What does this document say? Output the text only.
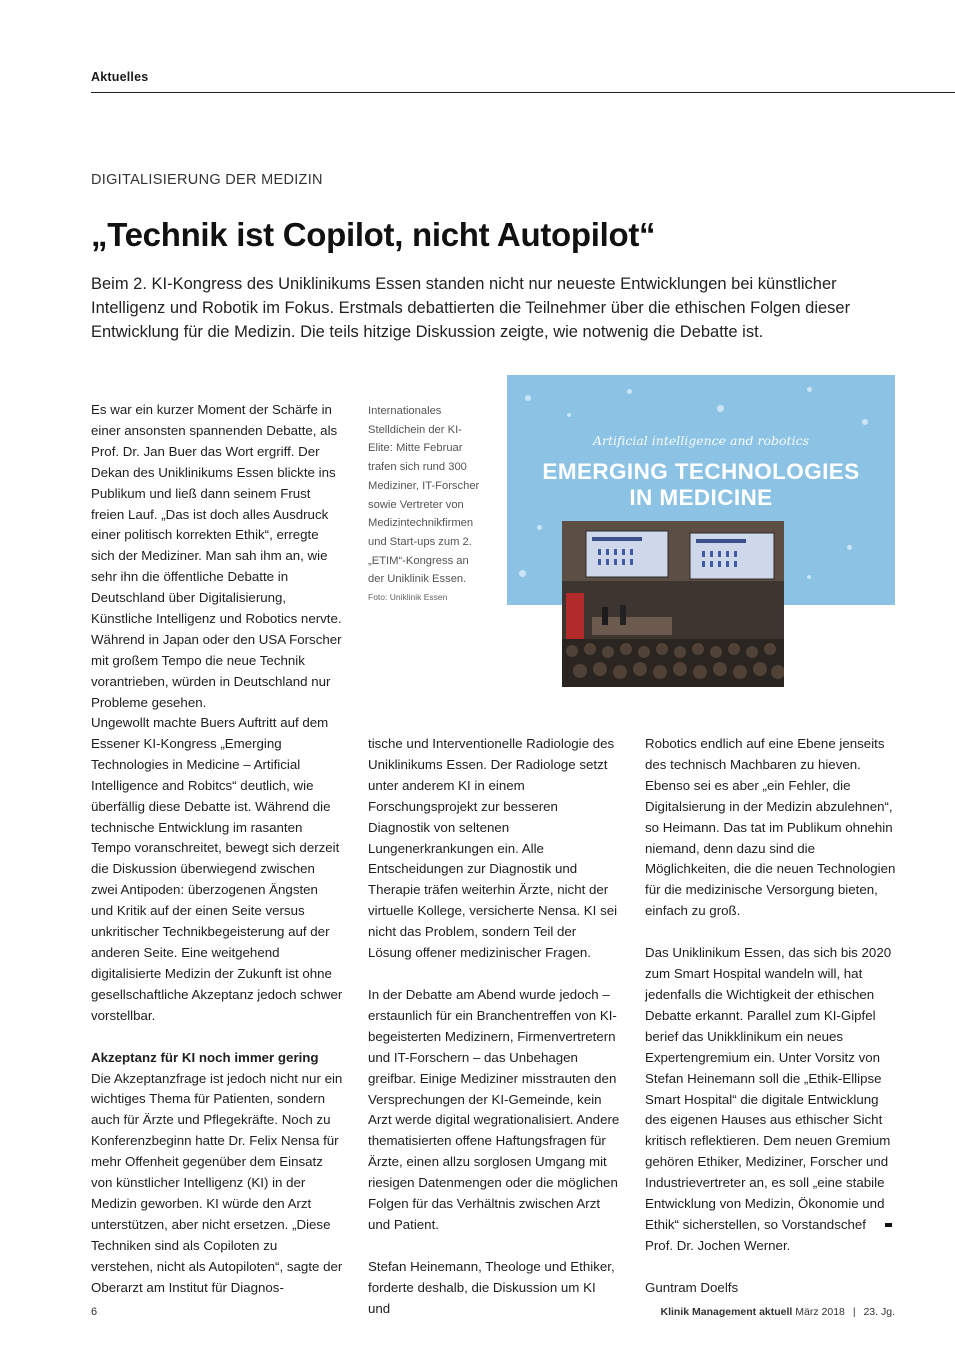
Aktuelles
DIGITALISIERUNG DER MEDIZIN
„Technik ist Copilot, nicht Autopilot“

Beim 2. KI-Kongress des Uniklinikums Essen standen nicht nur neueste Entwicklungen bei künstlicher Intelligenz und Robotik im Fokus. Erstmals debattierten die Teilnehmer über die ethischen Folgen dieser Entwicklung für die Medizin. Die teils hitzige Diskussion zeigte, wie notwenig die Debatte ist.

Es war ein kurzer Moment der Schärfe in einer ansonsten spannenden Debatte, als Prof. Dr. Jan Buer das Wort ergriff. Der Dekan des Uniklinikums Essen blickte ins Publikum und ließ dann seinem Frust freien Lauf. „Das ist doch alles Ausdruck einer politisch korrekten Ethik“, erregte sich der Mediziner. Man sah ihm an, wie sehr ihn die öffentliche Debatte in Deutschland über Digitalisierung, Künstliche Intelligenz und Robotics nervte. Während in Japan oder den USA Forscher mit großem Tempo die neue Technik vorantrieben, würden in Deutschland nur Probleme gesehen.

Internationales Stelldichein der KI-Elite: Mitte Februar trafen sich rund 300 Mediziner, IT-Forscher sowie Vertreter von Medizintechnikfirmen und Start-ups zum 2. „ETIM“-Kongress an der Uniklinik Essen.
Foto: Uniklinik Essen
Artificial intelligence and robotics
EMERGING TECHNOLOGIES
IN MEDICINE

Ungewollt machte Buers Auftritt auf dem Essener KI-Kongress „Emerging Technologies in Medicine – Artificial Intelligence and Robitcs“ deutlich, wie überfällig diese Debatte ist. Während die technische Entwicklung im rasanten Tempo voranschreitet, bewegt sich derzeit die Diskussion überwiegend zwischen zwei Antipoden: überzogenen Ängsten und Kritik auf der einen Seite versus unkritischer Technikbegeisterung auf der anderen Seite. Eine weitgehend digitalisierte Medizin der Zukunft ist ohne gesellschaftliche Akzeptanz jedoch schwer vorstellbar.

Akzeptanz für KI noch immer gering

Die Akzeptanzfrage ist jedoch nicht nur ein wichtiges Thema für Patienten, sondern auch für Ärzte und Pflegekräfte. Noch zu Konferenzbeginn hatte Dr. Felix Nensa für mehr Offenheit gegenüber dem Einsatz von künstlicher Intelligenz (KI) in der Medizin geworben. KI würde den Arzt unterstützen, aber nicht ersetzen. „Diese Techniken sind als Copiloten zu verstehen, nicht als Autopiloten“, sagte der Oberarzt am Institut für Diagnos-

tische und Interventionelle Radiologie des Uniklinikums Essen. Der Radiologe setzt unter anderem KI in einem Forschungsprojekt zur besseren Diagnostik von seltenen Lungenerkrankungen ein. Alle Entscheidungen zur Diagnostik und Therapie träfen weiterhin Ärzte, nicht der virtuelle Kollege, versicherte Nensa. KI sei nicht das Problem, sondern Teil der Lösung offener medizinischer Fragen.

In der Debatte am Abend wurde jedoch – erstaunlich für ein Branchentreffen von KI-begeisterten Medizinern, Firmenvertretern und IT-Forschern – das Unbehagen greifbar. Einige Mediziner misstrauten den Versprechungen der KI-Gemeinde, kein Arzt werde digital wegrationalisiert. Andere thematisierten offene Haftungsfragen für Ärzte, einen allzu sorglosen Umgang mit riesigen Datenmengen oder die möglichen Folgen für das Verhältnis zwischen Arzt und Patient.

Stefan Heinemann, Theologe und Ethiker, forderte deshalb, die Diskussion um KI und

Robotics endlich auf eine Ebene jenseits des technisch Machbaren zu hieven. Ebenso sei es aber „ein Fehler, die Digitalsierung in der Medizin abzulehnen“, so Heimann. Das tat im Publikum ohnehin niemand, denn dazu sind die Möglichkeiten, die die neuen Technologien für die medizinische Versorgung bieten, einfach zu groß.

Das Uniklinikum Essen, das sich bis 2020 zum Smart Hospital wandeln will, hat jedenfalls die Wichtigkeit der ethischen Debatte erkannt. Parallel zum KI-Gipfel berief das Unikklinikum ein neues Expertengremium ein. Unter Vorsitz von Stefan Heinemann soll die „Ethik-Ellipse Smart Hospital“ die digitale Entwicklung des eigenen Hauses aus ethischer Sicht kritisch reflektieren. Dem neuen Gremium gehören Ethiker, Mediziner, Forscher und Industrievertreter an, es soll „eine stabile Entwicklung von Medizin, Ökonomie und Ethik“ sicherstellen, so Vorstandschef Prof. Dr. Jochen Werner.

Guntram Doelfs

6	Klinik Management aktuell März 2018 | 23. Jg.
